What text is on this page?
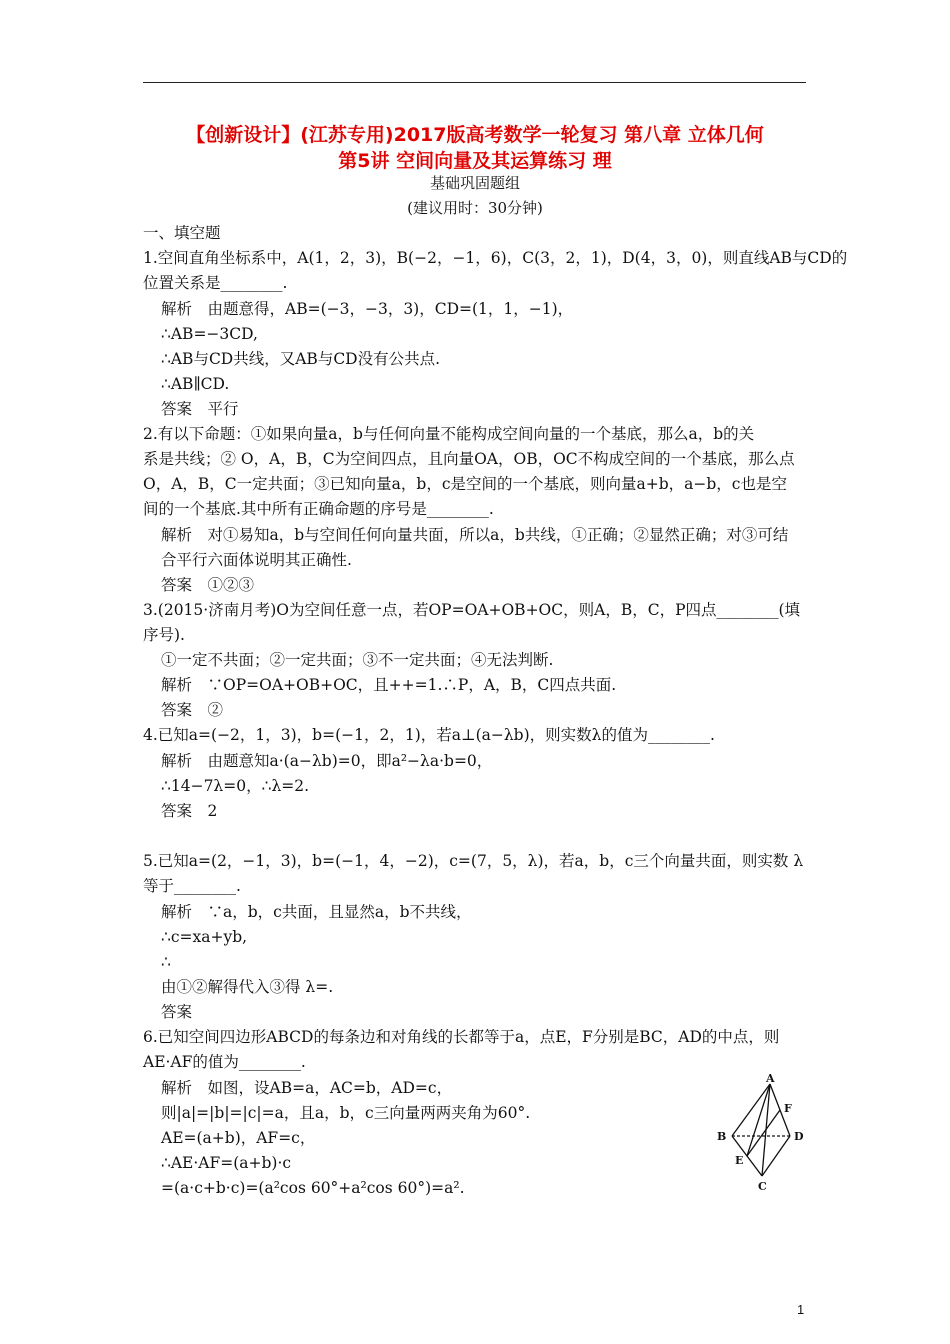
【创新设计】(江苏专用)2017版高考数学一轮复习 第八章 立体几何
第5讲 空间向量及其运算练习 理
基础巩固题组
(建议用时：30分钟)
一、填空题
1.空间直角坐标系中，A(1，2，3)，B(−2，−1，6)，C(3，2，1)，D(4，3，0)，则直线AB与CD的
位置关系是________.
解析　由题意得，AB=(−3，−3，3)，CD=(1，1，−1)，
∴AB=−3CD,
∴AB与CD共线，又AB与CD没有公共点.
∴AB∥CD.
答案　平行
2.有以下命题：①如果向量a，b与任何向量不能构成空间向量的一个基底，那么a，b的关
系是共线；② O，A，B，C为空间四点，且向量OA，OB，OC不构成空间的一个基底，那么点
O，A，B，C一定共面；③已知向量a，b，c是空间的一个基底，则向量a+b，a−b，c也是空
间的一个基底.其中所有正确命题的序号是________.
解析　对①易知a，b与空间任何向量共面，所以a，b共线，①正确；②显然正确；对③可结
合平行六面体说明其正确性.
答案　①②③
3.(2015·济南月考)O为空间任意一点，若OP=OA+OB+OC，则A，B，C，P四点________(填
序号).
①一定不共面；②一定共面；③不一定共面；④无法判断.
解析　∵OP=OA+OB+OC，且++=1.∴P，A，B，C四点共面.
答案　②
4.已知a=(−2，1，3)，b=(−1，2，1)，若a⊥(a−λb)，则实数λ的值为________.
解析　由题意知a·(a−λb)=0，即a²−λa·b=0，
∴14−7λ=0，∴λ=2.
答案　2
5.已知a=(2，−1，3)，b=(−1，4，−2)，c=(7，5，λ)，若a，b，c三个向量共面，则实数 λ
等于________.
解析　∵a，b，c共面，且显然a，b不共线，
∴c=xa+yb,
∴
由①②解得代入③得 λ=.
答案
6.已知空间四边形ABCD的每条边和对角线的长都等于a，点E，F分别是BC，AD的中点，则
AE·AF的值为________.
解析　如图，设AB=a，AC=b，AD=c，
则|a|=|b|=|c|=a，且a，b，c三向量两两夹角为60°.
AE=(a+b)，AF=c，
∴AE·AF=(a+b)·c
=(a·c+b·c)=(a²cos 60°+a²cos 60°)=a².
A
B
C
D
E
F
1
